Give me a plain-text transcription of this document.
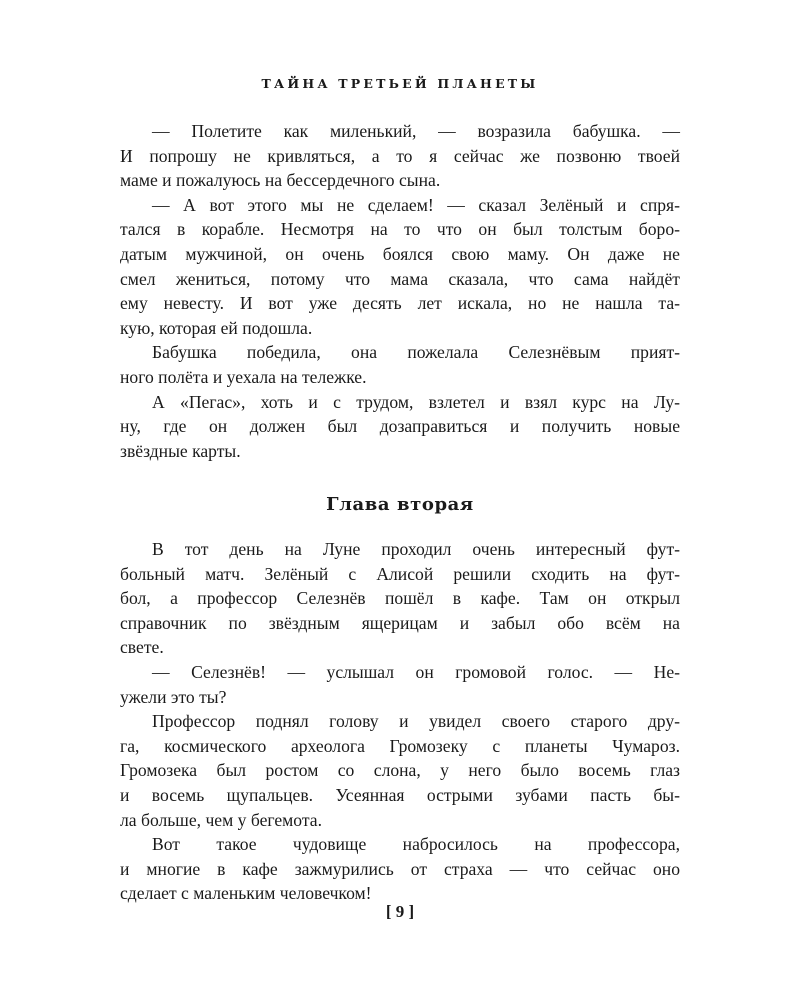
ТАЙНА ТРЕТЬЕЙ ПЛАНЕТЫ
— Полетите как миленький, — возразила бабушка. —
И попрошу не кривляться, а то я сейчас же позвоню твоей
маме и пожалуюсь на бессердечного сына.
— А вот этого мы не сделаем! — сказал Зелёный и спря-
тался в корабле. Несмотря на то что он был толстым боро-
датым мужчиной, он очень боялся свою маму. Он даже не
смел жениться, потому что мама сказала, что сама найдёт
ему невесту. И вот уже десять лет искала, но не нашла та-
кую, которая ей подошла.
Бабушка победила, она пожелала Селезнёвым прият-
ного полёта и уехала на тележке.
А «Пегас», хоть и с трудом, взлетел и взял курс на Лу-
ну, где он должен был дозаправиться и получить новые
звёздные карты.
Глава вторая
В тот день на Луне проходил очень интересный фут-
больный матч. Зелёный с Алисой решили сходить на фут-
бол, а профессор Селезнёв пошёл в кафе. Там он открыл
справочник по звёздным ящерицам и забыл обо всём на
свете.
— Селезнёв! — услышал он громовой голос. — Не-
ужели это ты?
Профессор поднял голову и увидел своего старого дру-
га, космического археолога Громозеку с планеты Чумароз.
Громозека был ростом со слона, у него было восемь глаз
и восемь щупальцев. Усеянная острыми зубами пасть бы-
ла больше, чем у бегемота.
Вот такое чудовище набросилось на профессора,
и многие в кафе зажмурились от страха — что сейчас оно
сделает с маленьким человечком!
[ 9 ]
